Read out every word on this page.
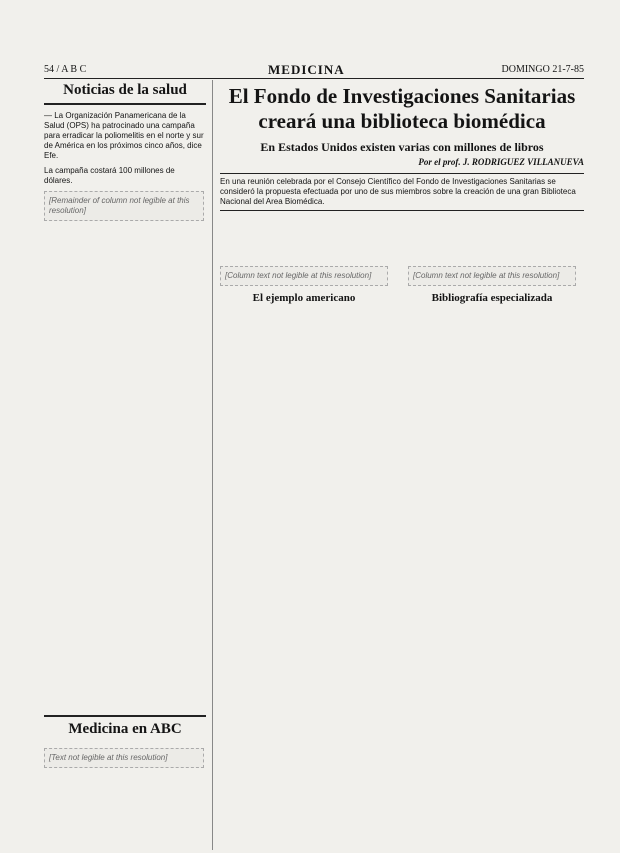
54 / A B C	MEDICINA	DOMINGO 21-7-85
Noticias de la salud

— La Organización Panamericana de la Salud (OPS) ha patrocinado una campaña para erradicar la poliomelitis en el norte y sur de América en los próximos cinco años, dice Efe.

La campaña costará 100 millones de dólares.

[Remainder of column not legible at this resolution]
Medicina en ABC
[Text not legible at this resolution]
El Fondo de Investigaciones Sanitarias creará una biblioteca biomédica
En Estados Unidos existen varias con millones de libros
Por el prof. J. RODRIGUEZ VILLANUEVA
En una reunión celebrada por el Consejo Científico del Fondo de Investigaciones Sanitarias se consideró la propuesta efectuada por uno de sus miembros sobre la creación de una gran Biblioteca Nacional del Area Biomédica.
[Column text not legible at this resolution]
El ejemplo americano
[Column text not legible at this resolution]
Bibliografía especializada
